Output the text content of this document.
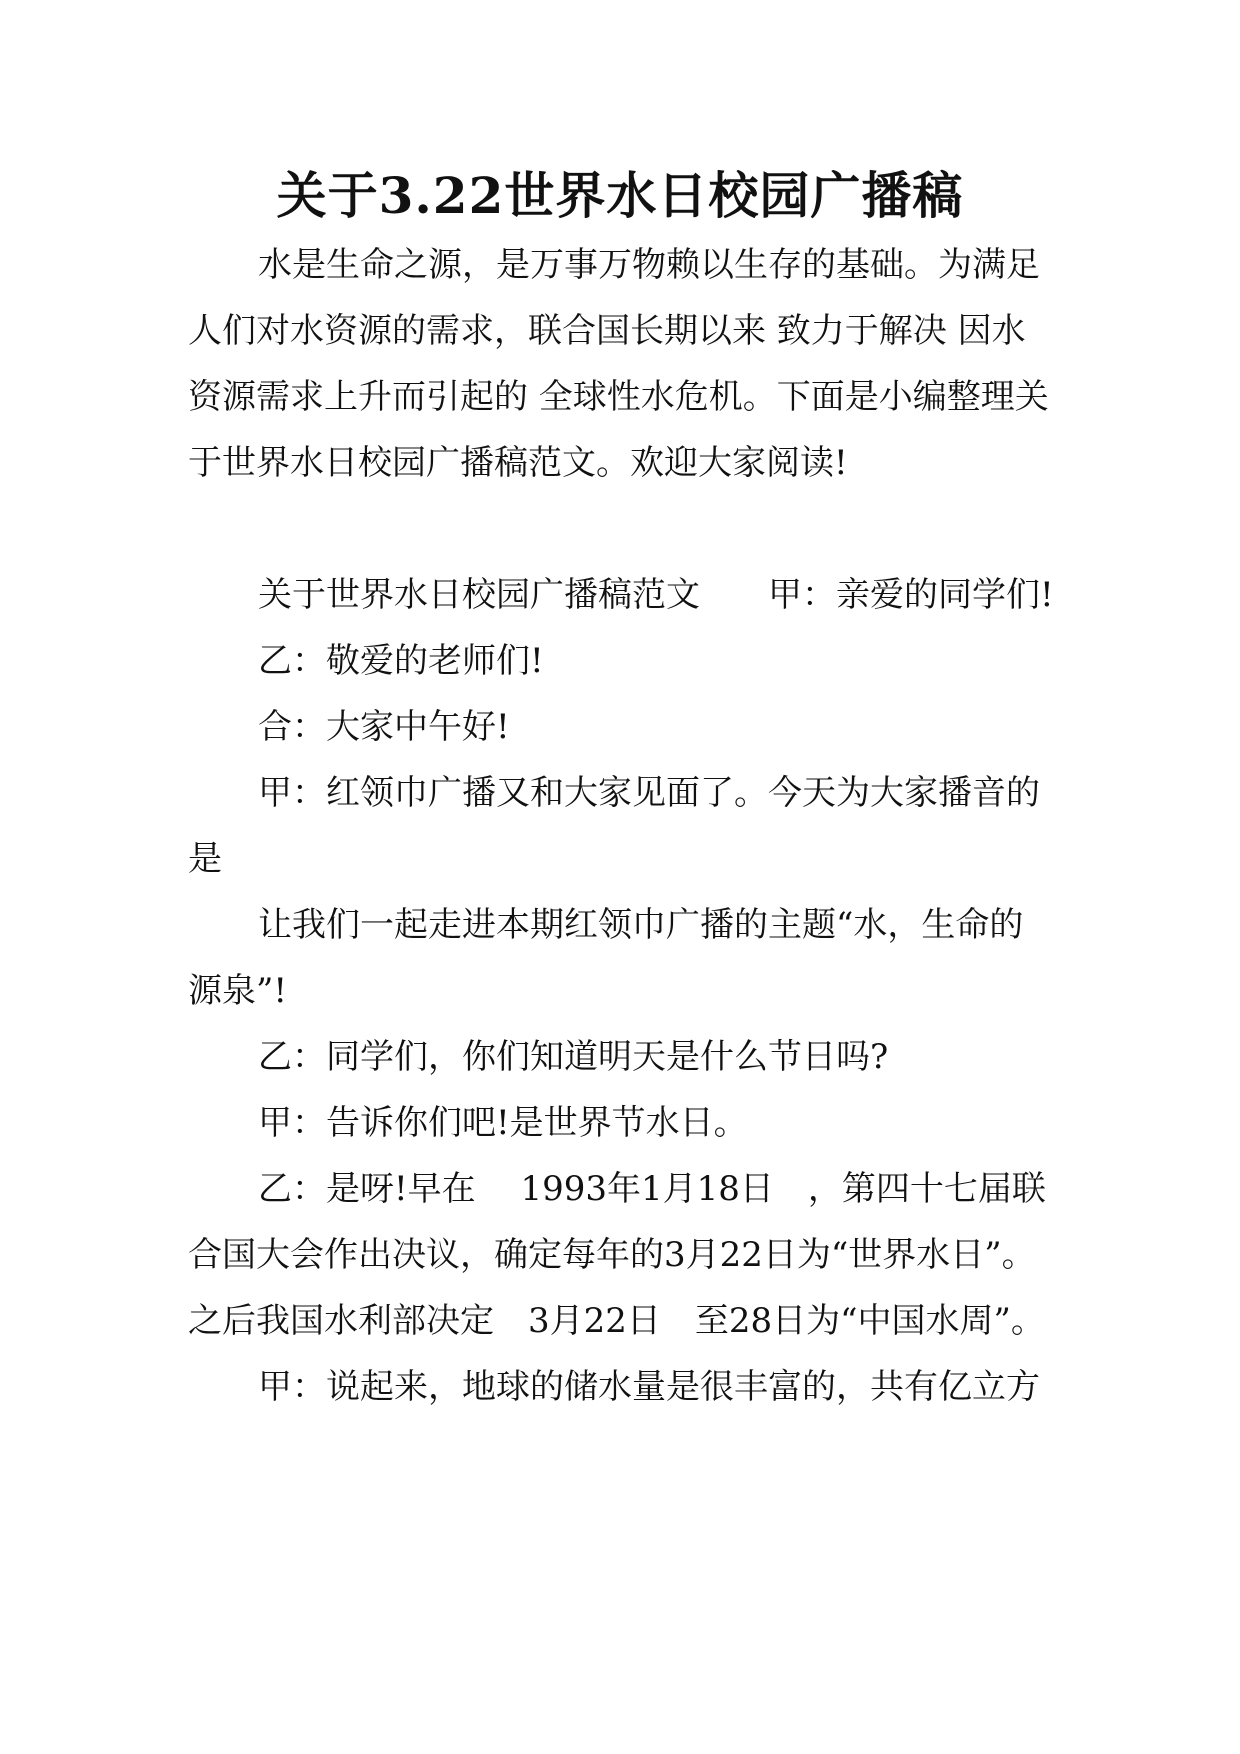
关于3.22世界水日校园广播稿
水是生命之源，是万事万物赖以生存的基础。为满足
人们对水资源的需求，联合国长期以来 致力于解决 因水
资源需求上升而引起的 全球性水危机。下面是小编整理关
于世界水日校园广播稿范文。欢迎大家阅读!
关于世界水日校园广播稿范文　　甲：亲爱的同学们!
乙：敬爱的老师们!
合：大家中午好!
甲：红领巾广播又和大家见面了。今天为大家播音的
是
让我们一起走进本期红领巾广播的主题“水，生命的
源泉”!
乙：同学们，你们知道明天是什么节日吗?
甲：告诉你们吧!是世界节水日。
乙：是呀!早在　 1993年1月18日　，第四十七届联
合国大会作出决议，确定每年的3月22日为“世界水日”。
之后我国水利部决定　3月22日　至28日为“中国水周”。
甲：说起来，地球的储水量是很丰富的，共有亿立方
